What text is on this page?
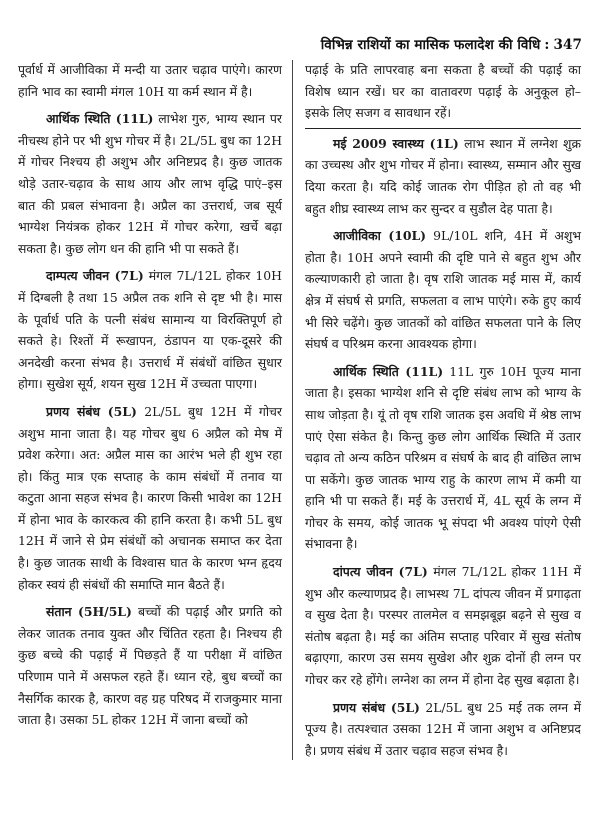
विभिन्न राशियों का मासिक फलादेश की विधि : 347

पूर्वार्ध में आजीविका में मन्दी या उतार चढ़ाव पाएंगे। कारण हानि भाव का स्वामी मंगल 10H या कर्म स्थान में है।

आर्थिक स्थिति (11L) लाभेश गुरु, भाग्य स्थान पर नीचस्थ होने पर भी शुभ गोचर में है। 2L/5L बुध का 12H में गोचर निश्चय ही अशुभ और अनिष्टप्रद है। कुछ जातक थोड़े उतार-चढ़ाव के साथ आय और लाभ वृद्धि पाएं–इस बात की प्रबल संभावना है। अप्रैल का उत्तरार्ध, जब सूर्य भाग्येश नियंत्रक होकर 12H में गोचर करेगा, खर्चे बढ़ा सकता है। कुछ लोग धन की हानि भी पा सकते हैं।

दाम्पत्य जीवन (7L) मंगल 7L/12L होकर 10H में दिग्बली है तथा 15 अप्रैल तक शनि से दृष्ट भी है। मास के पूर्वार्ध पति के पत्नी संबंध सामान्य या विरक्तिपूर्ण हो सकते हे। रिश्तों में रूखापन, ठंडापन या एक-दूसरे की अनदेखी करना संभव है। उत्तरार्ध में संबंधों वांछित सुधार होगा। सुखेश सूर्य, शयन सुख 12H में उच्चता पाएगा।

प्रणय संबंध (5L) 2L/5L बुध 12H में गोचर अशुभ माना जाता है। यह गोचर बुध 6 अप्रैल को मेष में प्रवेश करेगा। अत: अप्रैल मास का आरंभ भले ही शुभ रहा हो। किंतु मात्र एक सप्ताह के काम संबंधों में तनाव या कटुता आना सहज संभव है। कारण किसी भावेश का 12H में होना भाव के कारकत्व की हानि करता है। कभी 5L बुध 12H में जाने से प्रेम संबंधों को अचानक समाप्त कर देता है। कुछ जातक साथी के विश्वास घात के कारण भग्न हृदय होकर स्वयं ही संबंधों की समाप्ति मान बैठते हैं।

संतान (5H/5L) बच्चों की पढ़ाई और प्रगति को लेकर जातक तनाव युक्त और चिंतित रहता है। निश्चय ही कुछ बच्चे की पढ़ाई में पिछड़ते हैं या परीक्षा में वांछित परिणाम पाने में असफल रहते हैं। ध्यान रहे, बुध बच्चों का नैसर्गिक कारक है, कारण वह ग्रह परिषद में राजकुमार माना जाता है। उसका 5L होकर 12H में जाना बच्चों को

पढ़ाई के प्रति लापरवाह बना सकता है बच्चों की पढ़ाई का विशेष ध्यान रखें। घर का वातावरण पढ़ाई के अनुकूल हो–इसके लिए सजग व सावधान रहें।

मई 2009 स्वास्थ्य (1L) लाभ स्थान में लग्नेश शुक्र का उच्चस्थ और शुभ गोचर में होना। स्वास्थ्य, सम्मान और सुख दिया करता है। यदि कोई जातक रोग पीड़ित हो तो वह भी बहुत शीघ्र स्वास्थ्य लाभ कर सुन्दर व सुडौल देह पाता है।

आजीविका (10L) 9L/10L शनि, 4H में अशुभ होता है। 10H अपने स्वामी की दृष्टि पाने से बहुत शुभ और कल्याणकारी हो जाता है। वृष राशि जातक मई मास में, कार्य क्षेत्र में संघर्ष से प्रगति, सफलता व लाभ पाएंगे। रुके हुए कार्य भी सिरे चढ़ेंगे। कुछ जातकों को वांछित सफलता पाने के लिए संघर्ष व परिश्रम करना आवश्यक होगा।

आर्थिक स्थिति (11L) 11L गुरु 10H पूज्य माना जाता है। इसका भाग्येश शनि से दृष्टि संबंध लाभ को भाग्य के साथ जोड़ता है। यूं तो वृष राशि जातक इस अवधि में श्रेष्ठ लाभ पाएं ऐसा संकेत है। किन्तु कुछ लोग आर्थिक स्थिति में उतार चढ़ाव तो अन्य कठिन परिश्रम व संघर्ष के बाद ही वांछित लाभ पा सकेंगे। कुछ जातक भाग्य राहु के कारण लाभ में कमी या हानि भी पा सकते हैं। मई के उत्तरार्ध में, 4L सूर्य के लग्न में गोचर के समय, कोई जातक भू संपदा भी अवश्य पांएगे ऐसी संभावना है।

दांपत्य जीवन (7L) मंगल 7L/12L होकर 11H में शुभ और कल्याणप्रद है। लाभस्थ 7L दांपत्य जीवन में प्रगाढ़ता व सुख देता है। परस्पर तालमेल व समझबूझ बढ़ने से सुख व संतोष बढ़ता है। मई का अंतिम सप्ताह परिवार में सुख संतोष बढ़ाएगा, कारण उस समय सुखेश और शुक्र दोनों ही लग्न पर गोचर कर रहे होंगे। लग्नेश का लग्न में होना देह सुख बढ़ाता है।

प्रणय संबंध (5L) 2L/5L बुध 25 मई तक लग्न में पूज्य है। तत्पश्चात उसका 12H में जाना अशुभ व अनिष्टप्रद है। प्रणय संबंध में उतार चढ़ाव सहज संभव है।
